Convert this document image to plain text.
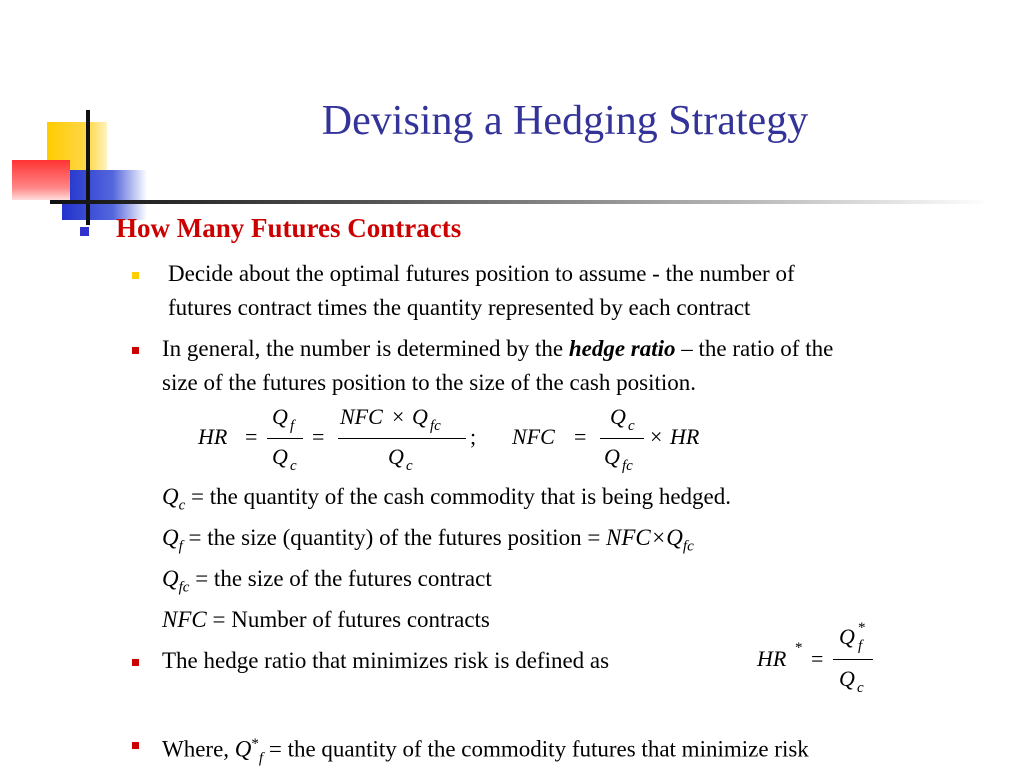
Devising a Hedging Strategy
How Many Futures Contracts
Decide about the optimal futures position to assume - the number of
futures contract times the quantity represented by each contract
In general, the number is determined by the hedge ratio – the ratio of the
size of the futures position to the size of the cash position.
HR =
Q f
Q c
=
NFC × Q fc
Q c
; NFC =
Q c
Q fc
× HR
$Q_c$ = the quantity of the cash commodity that is being hedged.
$Q_f$ = the size (quantity) of the futures position = $NFC\times Q_{fc}$
$Q_{fc}$ = the size of the futures contract
NFC = Number of futures contracts
The hedge ratio that minimizes risk is defined as	HR * =
Q *
f
Q c
Where, $Q^*_f$ = the quantity of the commodity futures that minimize risk
